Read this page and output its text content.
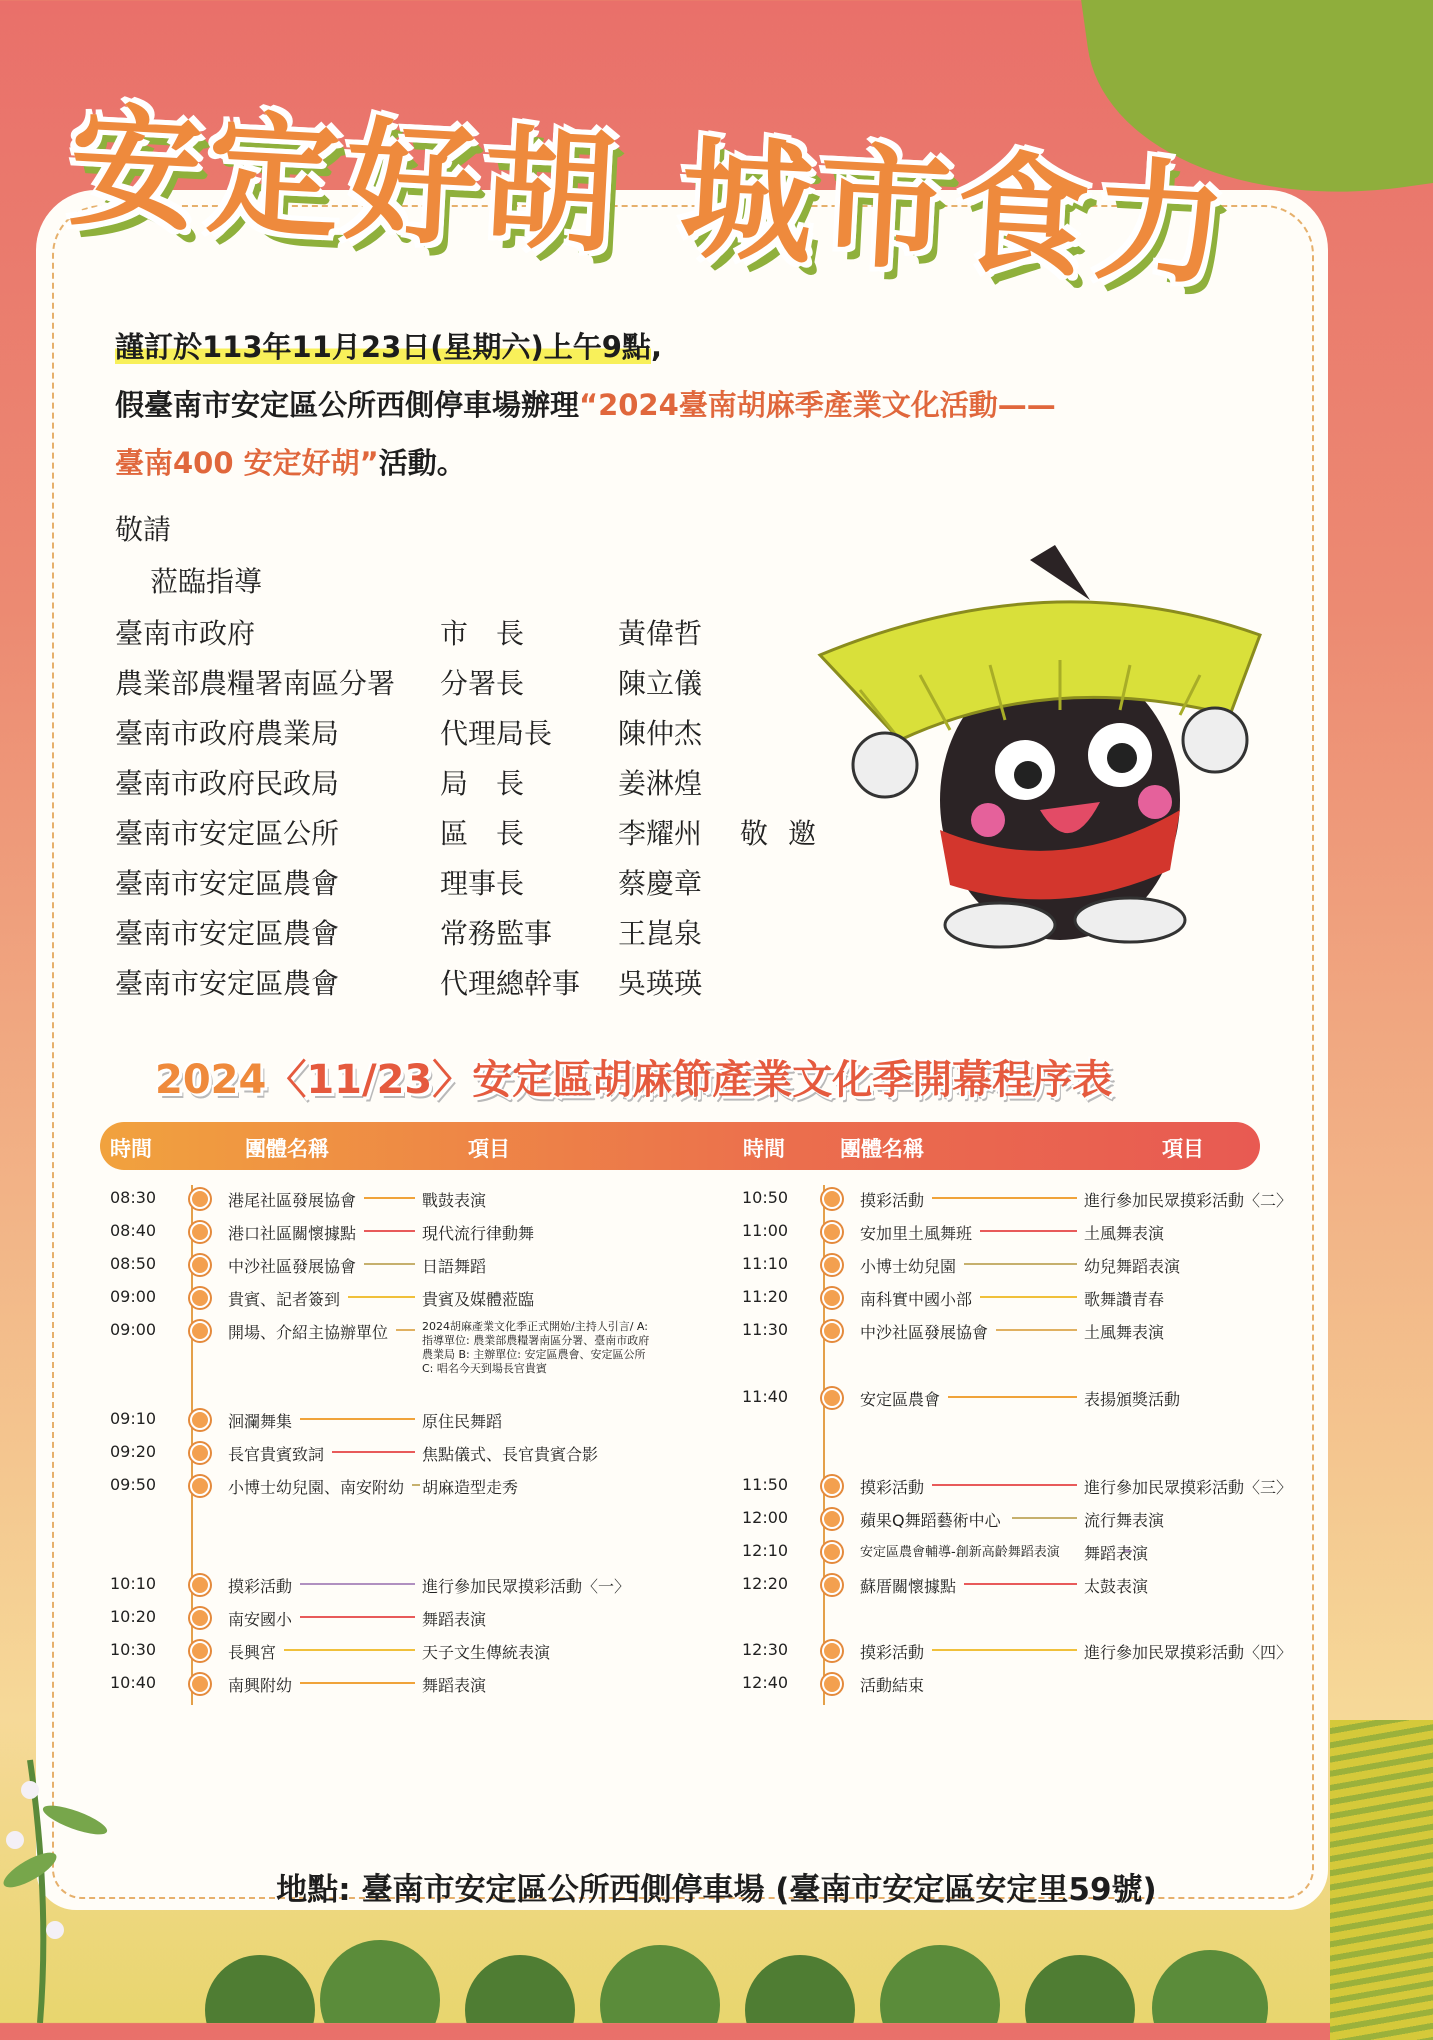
安定好胡 城市食力
謹訂於113年11月23日(星期六)上午9點,
假臺南市安定區公所西側停車場辦理“2024臺南胡麻季產業文化活動——
臺南400 安定好胡”活動。
敬請
蒞臨指導
臺南市政府	市　長	黃偉哲
農業部農糧署南區分署 分署長	陳立儀
臺南市政府農業局	代理局長 陳仲杰
臺南市政府民政局	局　長	姜淋煌
臺南市安定區公所	區　長	李耀州
臺南市安定區農會	理事長	蔡慶章
臺南市安定區農會	常務監事 王崑泉
臺南市安定區農會	代理總幹事 吳瑛瑛
敬邀
2024〈11/23〉安定區胡麻節產業文化季開幕程序表
時間	團體名稱	項目	時間	團體名稱	項目
08:30	港尾社區發展協會	戰鼓表演
08:40	港口社區關懷據點	現代流行律動舞
08:50	中沙社區發展協會	日語舞蹈
09:00	貴賓、記者簽到	貴賓及媒體蒞臨
09:00	開場、介紹主協辦單位	2024胡麻產業文化季正式開始/主持人引言/ A: 指導單位: 農業部農糧署南區分署、臺南市政府農業局 B: 主辦單位: 安定區農會、安定區公所 C: 唱名今天到場長官貴賓
09:10	洄瀾舞集	原住民舞蹈
09:20	長官貴賓致詞	焦點儀式、長官貴賓合影
09:50	小博士幼兒園、南安附幼 胡麻造型走秀
10:10	摸彩活動	進行參加民眾摸彩活動〈一〉
10:20	南安國小	舞蹈表演
10:30	長興宮	天子文生傳統表演
10:40	南興附幼	舞蹈表演
10:50	摸彩活動	進行參加民眾摸彩活動〈二〉
11:00	安加里土風舞班	土風舞表演
11:10	小博士幼兒園	幼兒舞蹈表演
11:20	南科實中國小部	歌舞讚青春
11:30	中沙社區發展協會	土風舞表演
11:40	安定區農會	表揚頒獎活動
11:50	摸彩活動	進行參加民眾摸彩活動〈三〉
12:00	蘋果Q舞蹈藝術中心	流行舞表演
12:10	安定區農會輔導-創新高齡舞蹈表演 舞蹈表演
12:20	蘇厝關懷據點	太鼓表演
12:30	摸彩活動	進行參加民眾摸彩活動〈四〉
12:40	活動結束
地點: 臺南市安定區公所西側停車場 (臺南市安定區安定里59號)
